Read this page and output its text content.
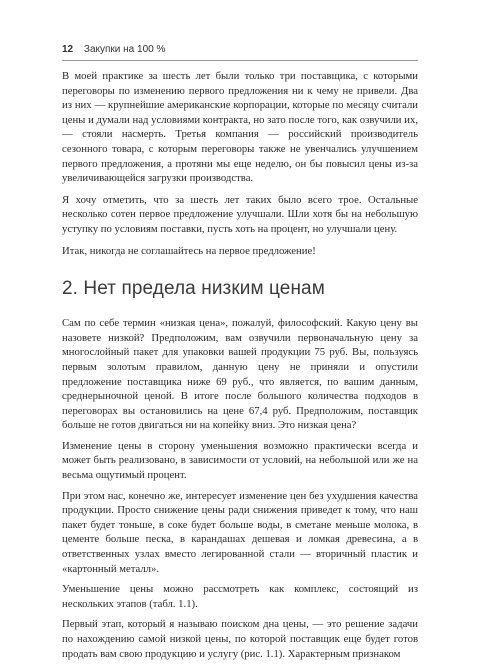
12 Закупки на 100 %

В моей практике за шесть лет были только три поставщика, с которыми переговоры по изменению первого предложения ни к чему не привели. Два из них — крупнейшие американские корпорации, которые по месяцу считали цены и думали над условиями контракта, но зато после того, как озвучили их, — стояли насмерть. Третья компания — российский производитель сезонного товара, с которым переговоры также не увенчались улучшением первого предложения, а протяни мы еще неделю, он бы повысил цены из-за увеличивающейся загрузки производства.

Я хочу отметить, что за шесть лет таких было всего трое. Остальные несколько сотен первое предложение улучшали. Шли хотя бы на небольшую уступку по условиям поставки, пусть хоть на процент, но улучшали цену.

Итак, никогда не соглашайтесь на первое предложение!

2. Нет предела низким ценам

Сам по себе термин «низкая цена», пожалуй, философский. Какую цену вы назовете низкой? Предположим, вам озвучили первоначальную цену за многослойный пакет для упаковки вашей продукции 75 руб. Вы, пользуясь первым золотым правилом, данную цену не приняли и опустили предложение поставщика ниже 69 руб., что является, по вашим данным, среднерыночной ценой. В итоге после большого количества подходов в переговорах вы остановились на цене 67,4 руб. Предположим, поставщик больше не готов двигаться ни на копейку вниз. Это низкая цена?

Изменение цены в сторону уменьшения возможно практически всегда и может быть реализовано, в зависимости от условий, на небольшой или же на весьма ощутимый процент.

При этом нас, конечно же, интересует изменение цен без ухудшения качества продукции. Просто снижение цены ради снижения приведет к тому, что наш пакет будет тоньше, в соке будет больше воды, в сметане меньше молока, в цементе больше песка, в карандашах дешевая и ломкая древесина, а в ответственных узлах вместо легированной стали — вторичный пластик и «картонный металл».

Уменьшение цены можно рассмотреть как комплекс, состоящий из нескольких этапов (табл. 1.1).

Первый этап, который я называю поиском дна цены, — это решение задачи по нахождению самой низкой цены, по которой поставщик еще будет готов продать вам свою продукцию и услугу (рис. 1.1). Характерным признаком
